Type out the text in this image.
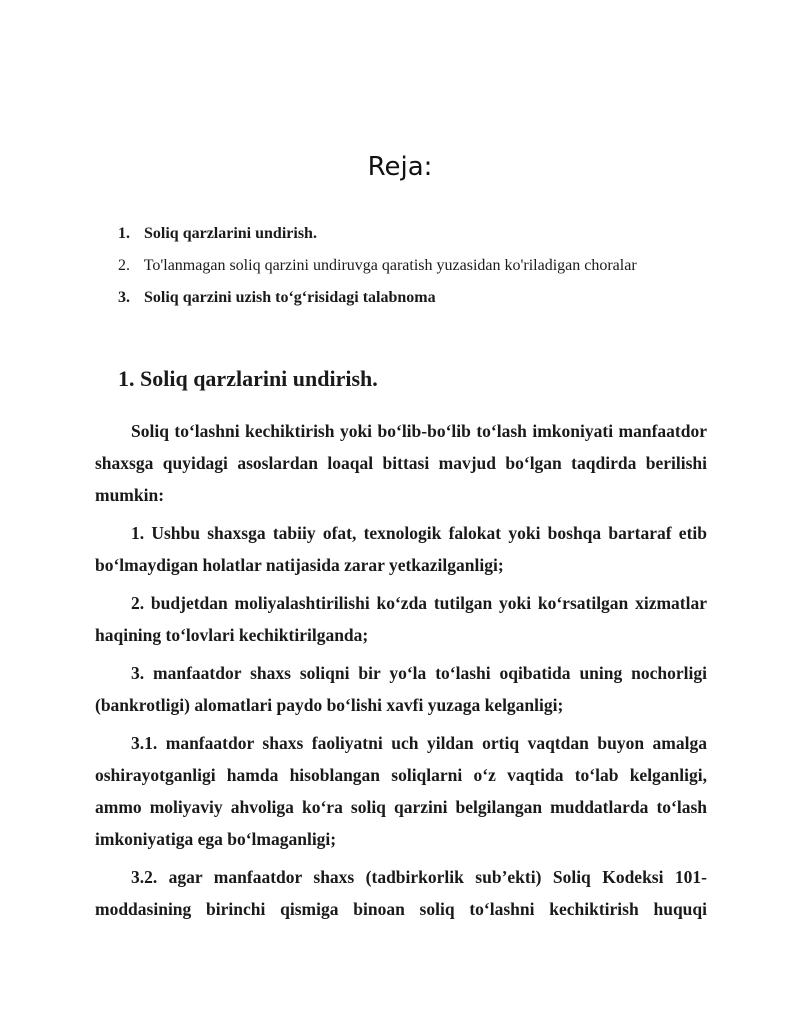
Reja:
1. Soliq qarzlarini undirish.
2. To'lanmagan soliq qarzini undiruvga qaratish yuzasidan ko'riladigan choralar
3. Soliq qarzini uzish to‘g‘risidagi talabnoma
1. Soliq qarzlarini undirish.

Soliq to‘lashni kechiktirish yoki bo‘lib-bo‘lib to‘lash imkoniyati manfaatdor shaxsga quyidagi asoslardan loaqal bittasi mavjud bo‘lgan taqdirda berilishi mumkin:

1. Ushbu shaxsga tabiiy ofat, texnologik falokat yoki boshqa bartaraf etib bo‘lmaydigan holatlar natijasida zarar yetkazilganligi;

2. budjetdan moliyalashtirilishi ko‘zda tutilgan yoki ko‘rsatilgan xizmatlar haqining to‘lovlari kechiktirilganda;

3. manfaatdor shaxs soliqni bir yo‘la to‘lashi oqibatida uning nochorligi (bankrotligi) alomatlari paydo bo‘lishi xavfi yuzaga kelganligi;

3.1. manfaatdor shaxs faoliyatni uch yildan ortiq vaqtdan buyon amalga oshirayotganligi hamda hisoblangan soliqlarni o‘z vaqtida to‘lab kelganligi, ammo moliyaviy ahvoliga ko‘ra soliq qarzini belgilangan muddatlarda to‘lash imkoniyatiga ega bo‘lmaganligi;

3.2. agar manfaatdor shaxs (tadbirkorlik sub’ekti) Soliq Kodeksi 101-moddasining birinchi qismiga binoan soliq to‘lashni kechiktirish huquqi
